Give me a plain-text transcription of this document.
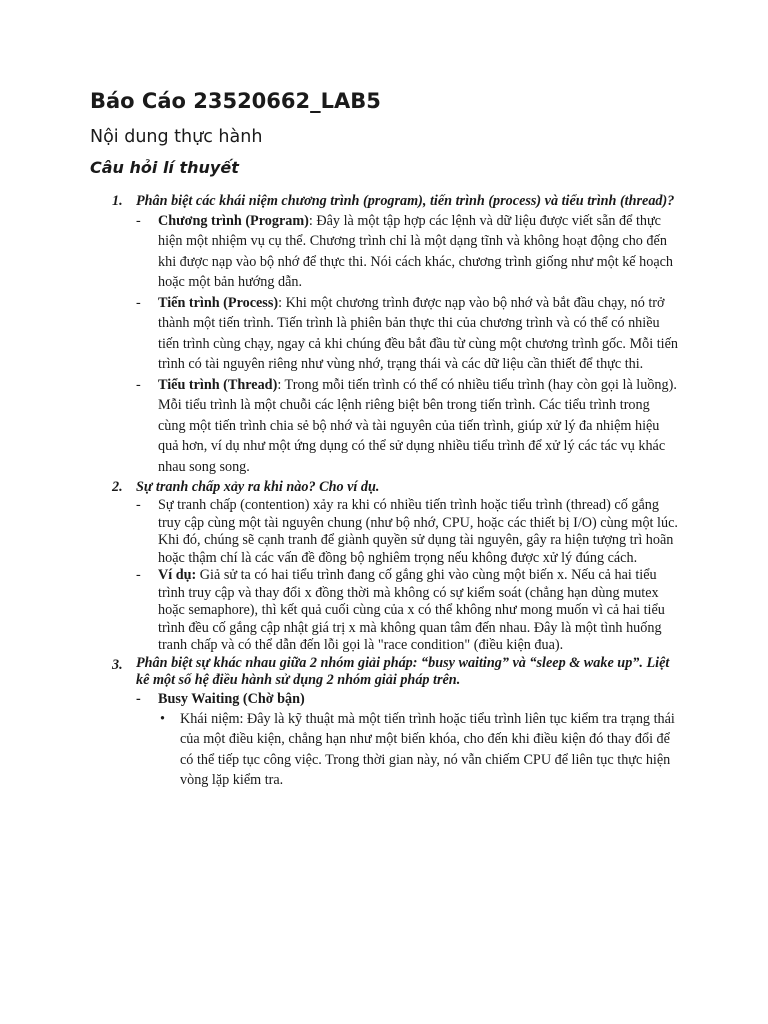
Báo Cáo 23520662_LAB5
Nội dung thực hành
Câu hỏi lí thuyết
1. Phân biệt các khái niệm chương trình (program), tiến trình (process) và tiểu trình (thread)?

- Chương trình (Program): Đây là một tập hợp các lệnh và dữ liệu được viết sẵn để thực hiện một nhiệm vụ cụ thể. Chương trình chỉ là một dạng tĩnh và không hoạt động cho đến khi được nạp vào bộ nhớ để thực thi. Nói cách khác, chương trình giống như một kế hoạch hoặc một bản hướng dẫn.

- Tiến trình (Process): Khi một chương trình được nạp vào bộ nhớ và bắt đầu chạy, nó trở thành một tiến trình. Tiến trình là phiên bản thực thi của chương trình và có thể có nhiều tiến trình cùng chạy, ngay cả khi chúng đều bắt đầu từ cùng một chương trình gốc. Mỗi tiến trình có tài nguyên riêng như vùng nhớ, trạng thái và các dữ liệu cần thiết để thực thi.

- Tiểu trình (Thread): Trong mỗi tiến trình có thể có nhiều tiểu trình (hay còn gọi là luồng). Mỗi tiểu trình là một chuỗi các lệnh riêng biệt bên trong tiến trình. Các tiểu trình trong cùng một tiến trình chia sẻ bộ nhớ và tài nguyên của tiến trình, giúp xử lý đa nhiệm hiệu quả hơn, ví dụ như một ứng dụng có thể sử dụng nhiều tiểu trình để xử lý các tác vụ khác nhau song song.

2. Sự tranh chấp xảy ra khi nào? Cho ví dụ.

- Sự tranh chấp (contention) xảy ra khi có nhiều tiến trình hoặc tiểu trình (thread) cố gắng truy cập cùng một tài nguyên chung (như bộ nhớ, CPU, hoặc các thiết bị I/O) cùng một lúc. Khi đó, chúng sẽ cạnh tranh để giành quyền sử dụng tài nguyên, gây ra hiện tượng trì hoãn hoặc thậm chí là các vấn đề đồng bộ nghiêm trọng nếu không được xử lý đúng cách.

- Ví dụ: Giả sử ta có hai tiểu trình đang cố gắng ghi vào cùng một biến x. Nếu cả hai tiểu trình truy cập và thay đổi x đồng thời mà không có sự kiểm soát (chẳng hạn dùng mutex hoặc semaphore), thì kết quả cuối cùng của x có thể không như mong muốn vì cả hai tiểu trình đều cố gắng cập nhật giá trị x mà không quan tâm đến nhau. Đây là một tình huống tranh chấp và có thể dẫn đến lỗi gọi là "race condition" (điều kiện đua).

3. Phân biệt sự khác nhau giữa 2 nhóm giải pháp: “busy waiting” và “sleep & wake up”. Liệt kê một số hệ điều hành sử dụng 2 nhóm giải pháp trên.

- Busy Waiting (Chờ bận)

• Khái niệm: Đây là kỹ thuật mà một tiến trình hoặc tiểu trình liên tục kiểm tra trạng thái của một điều kiện, chẳng hạn như một biến khóa, cho đến khi điều kiện đó thay đổi để có thể tiếp tục công việc. Trong thời gian này, nó vẫn chiếm CPU để liên tục thực hiện vòng lặp kiểm tra.
